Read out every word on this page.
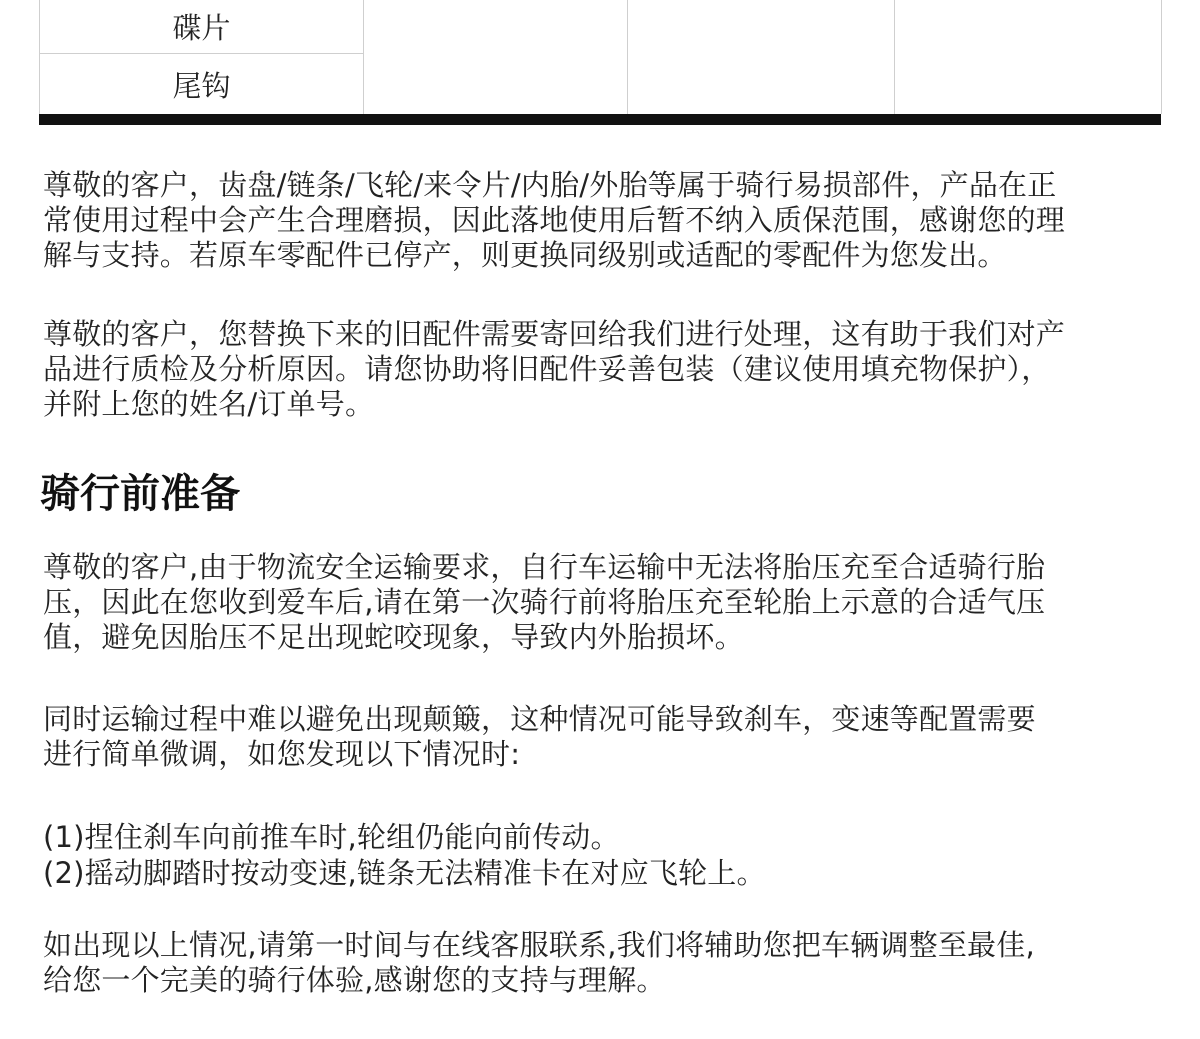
碟片			
尾钩

尊敬的客户，齿盘/链条/飞轮/来令片/内胎/外胎等属于骑行易损部件，产品在正
常使用过程中会产生合理磨损，因此落地使用后暂不纳入质保范围，感谢您的理
解与支持。若原车零配件已停产，则更换同级别或适配的零配件为您发出。

尊敬的客户，您替换下来的旧配件需要寄回给我们进行处理，这有助于我们对产
品进行质检及分析原因。请您协助将旧配件妥善包装（建议使用填充物保护），
并附上您的姓名/订单号。

骑行前准备

尊敬的客户,由于物流安全运输要求，自行车运输中无法将胎压充至合适骑行胎
压，因此在您收到爱车后,请在第一次骑行前将胎压充至轮胎上示意的合适气压
值，避免因胎压不足出现蛇咬现象，导致内外胎损坏。

同时运输过程中难以避免出现颠簸，这种情况可能导致刹车，变速等配置需要
进行简单微调，如您发现以下情况时:

(1)捏住刹车向前推车时,轮组仍能向前传动。

(2)摇动脚踏时按动变速,链条无法精准卡在对应飞轮上。

如出现以上情况,请第一时间与在线客服联系,我们将辅助您把车辆调整至最佳,
给您一个完美的骑行体验,感谢您的支持与理解。
